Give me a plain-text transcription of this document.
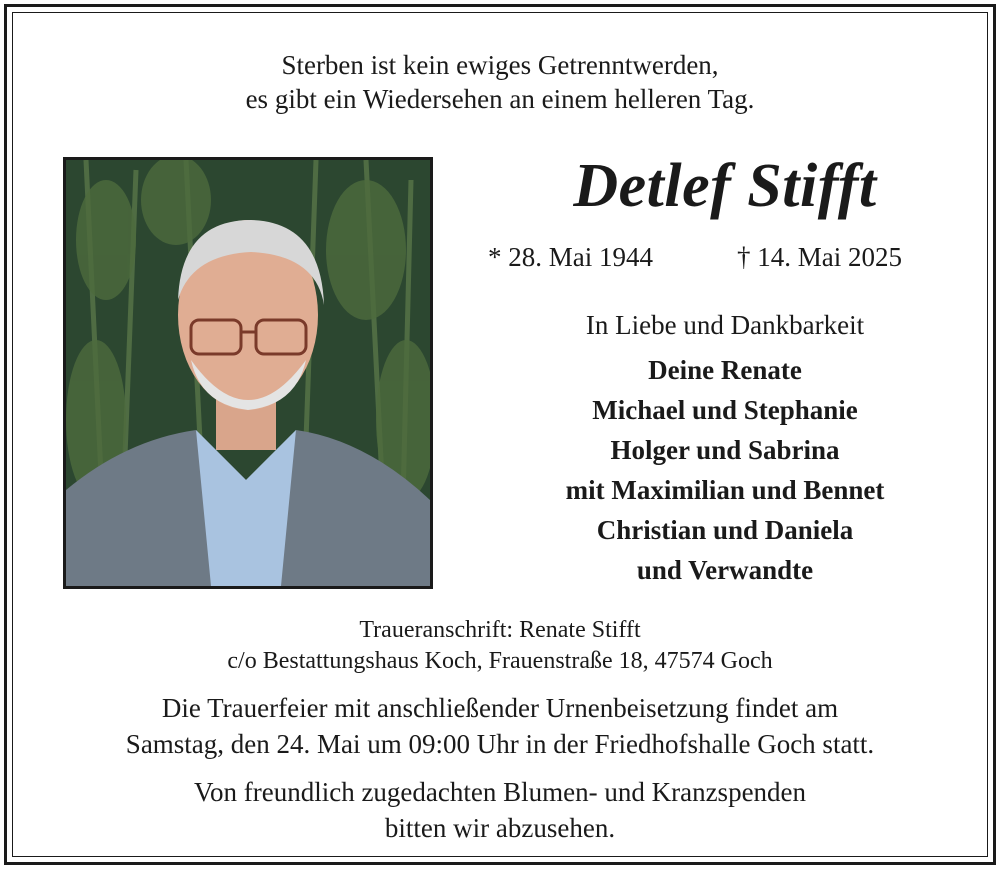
Sterben ist kein ewiges Getrenntwerden,
es gibt ein Wiedersehen an einem helleren Tag.
Detlef Stifft
* 28. Mai 1944	† 14. Mai 2025
In Liebe und Dankbarkeit
Deine Renate
Michael und Stephanie
Holger und Sabrina
mit Maximilian und Bennet
Christian und Daniela
und Verwandte
Traueranschrift: Renate Stifft
c/o Bestattungshaus Koch, Frauenstraße 18, 47574 Goch
Die Trauerfeier mit anschließender Urnenbeisetzung findet am
Samstag, den 24. Mai um 09:00 Uhr in der Friedhofshalle Goch statt.
Von freundlich zugedachten Blumen- und Kranzspenden
bitten wir abzusehen.
